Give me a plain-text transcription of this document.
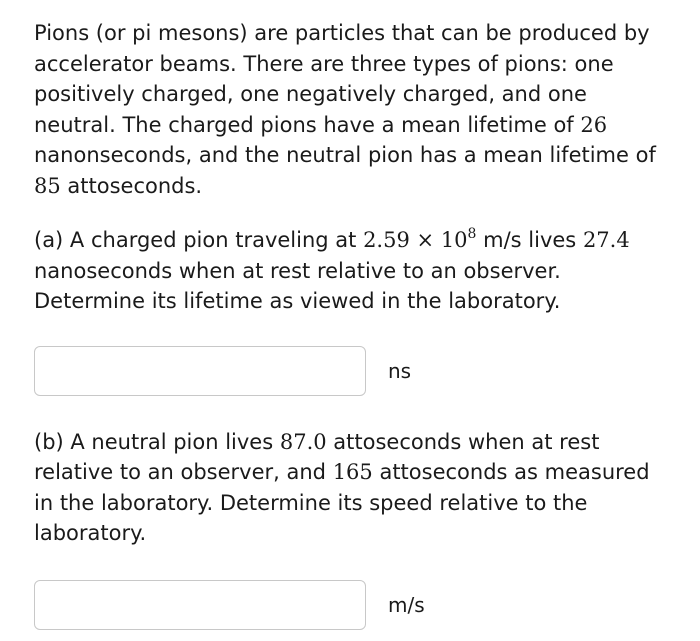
Pions (or pi mesons) are particles that can be produced by accelerator beams. There are three types of pions: one positively charged, one negatively charged, and one neutral. The charged pions have a mean lifetime of 26 nanonseconds, and the neutral pion has a mean lifetime of 85 attoseconds.

(a) A charged pion traveling at $2.59 \times 10^8$ m/s lives 27.4 nanoseconds when at rest relative to an observer. Determine its lifetime as viewed in the laboratory.

ns

(b) A neutral pion lives 87.0 attoseconds when at rest relative to an observer, and 165 attoseconds as measured in the laboratory. Determine its speed relative to the laboratory.

m/s
